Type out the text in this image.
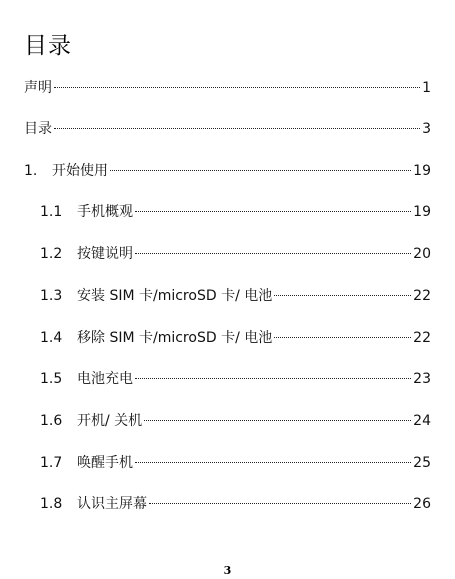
目录
声明	1
目录	3
1.	开始使用	19
1.1	手机概观	19
1.2	按键说明	20
1.3	安装 SIM 卡/microSD 卡/ 电池	22
1.4	移除 SIM 卡/microSD 卡/ 电池	22
1.5	电池充电	23
1.6	开机/ 关机	24
1.7	唤醒手机	25
1.8	认识主屏幕	26
3
